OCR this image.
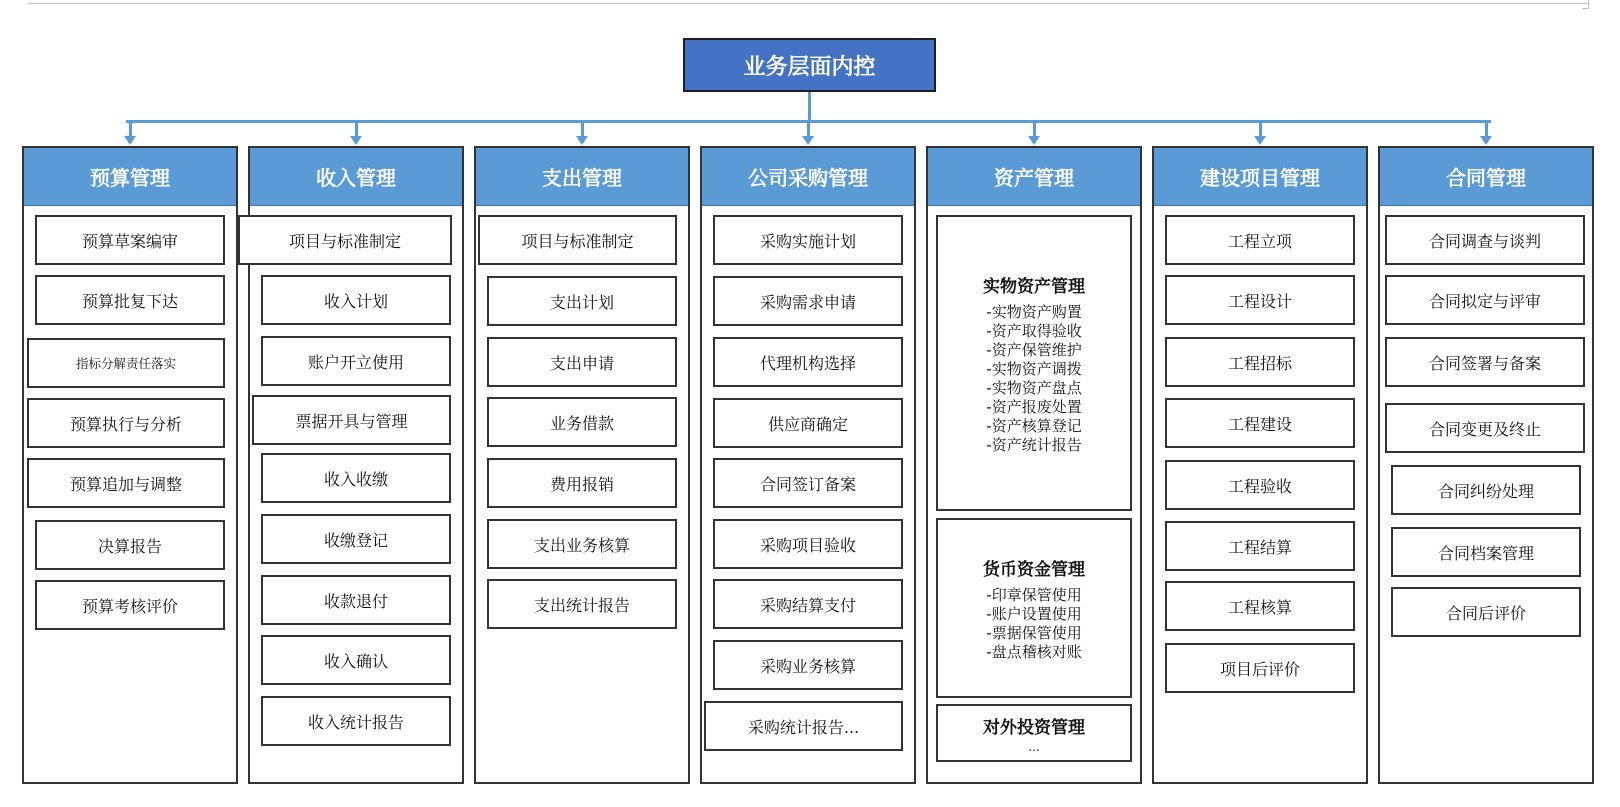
业务层面内控
预算管理
预算草案编审
预算批复下达
指标分解责任落实
预算执行与分析
预算追加与调整
决算报告
预算考核评价
收入管理
项目与标准制定
收入计划
账户开立使用
票据开具与管理
收入收缴
收缴登记
收款退付
收入确认
收入统计报告
支出管理
项目与标准制定
支出计划
支出申请
业务借款
费用报销
支出业务核算
支出统计报告
公司采购管理
采购实施计划
采购需求申请
代理机构选择
供应商确定
合同签订备案
采购项目验收
采购结算支付
采购业务核算
采购统计报告...
资产管理
实物资产管理
-实物资产购置
-资产取得验收
-资产保管维护
-实物资产调拨
-实物资产盘点
-资产报废处置
-资产核算登记
-资产统计报告
货币资金管理
-印章保管使用
-账户设置使用
-票据保管使用
-盘点稽核对账
对外投资管理
...
建设项目管理
工程立项
工程设计
工程招标
工程建设
工程验收
工程结算
工程核算
项目后评价
合同管理
合同调查与谈判
合同拟定与评审
合同签署与备案
合同变更及终止
合同纠纷处理
合同档案管理
合同后评价
